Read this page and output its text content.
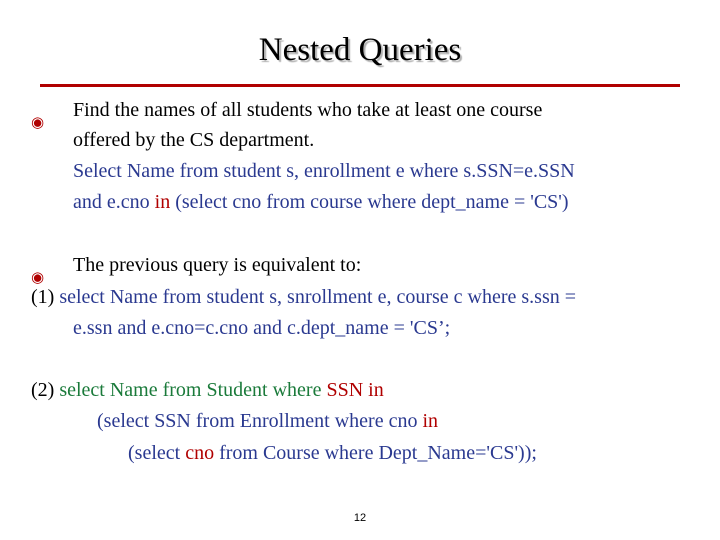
Nested Queries
◉
Find the names of all students who take at least one course
offered by the CS department.
Select Name from student s, enrollment e where s.SSN=e.SSN
and e.cno in (select cno from course where dept_name = 'CS')
◉
The previous query is equivalent to:
(1) select Name from student s, snrollment e, course c where s.ssn =
e.ssn and e.cno=c.cno and c.dept_name = 'CS’;
(2) select Name from Student where SSN in
(select SSN from Enrollment where cno in
(select cno from Course where Dept_Name='CS'));
12
